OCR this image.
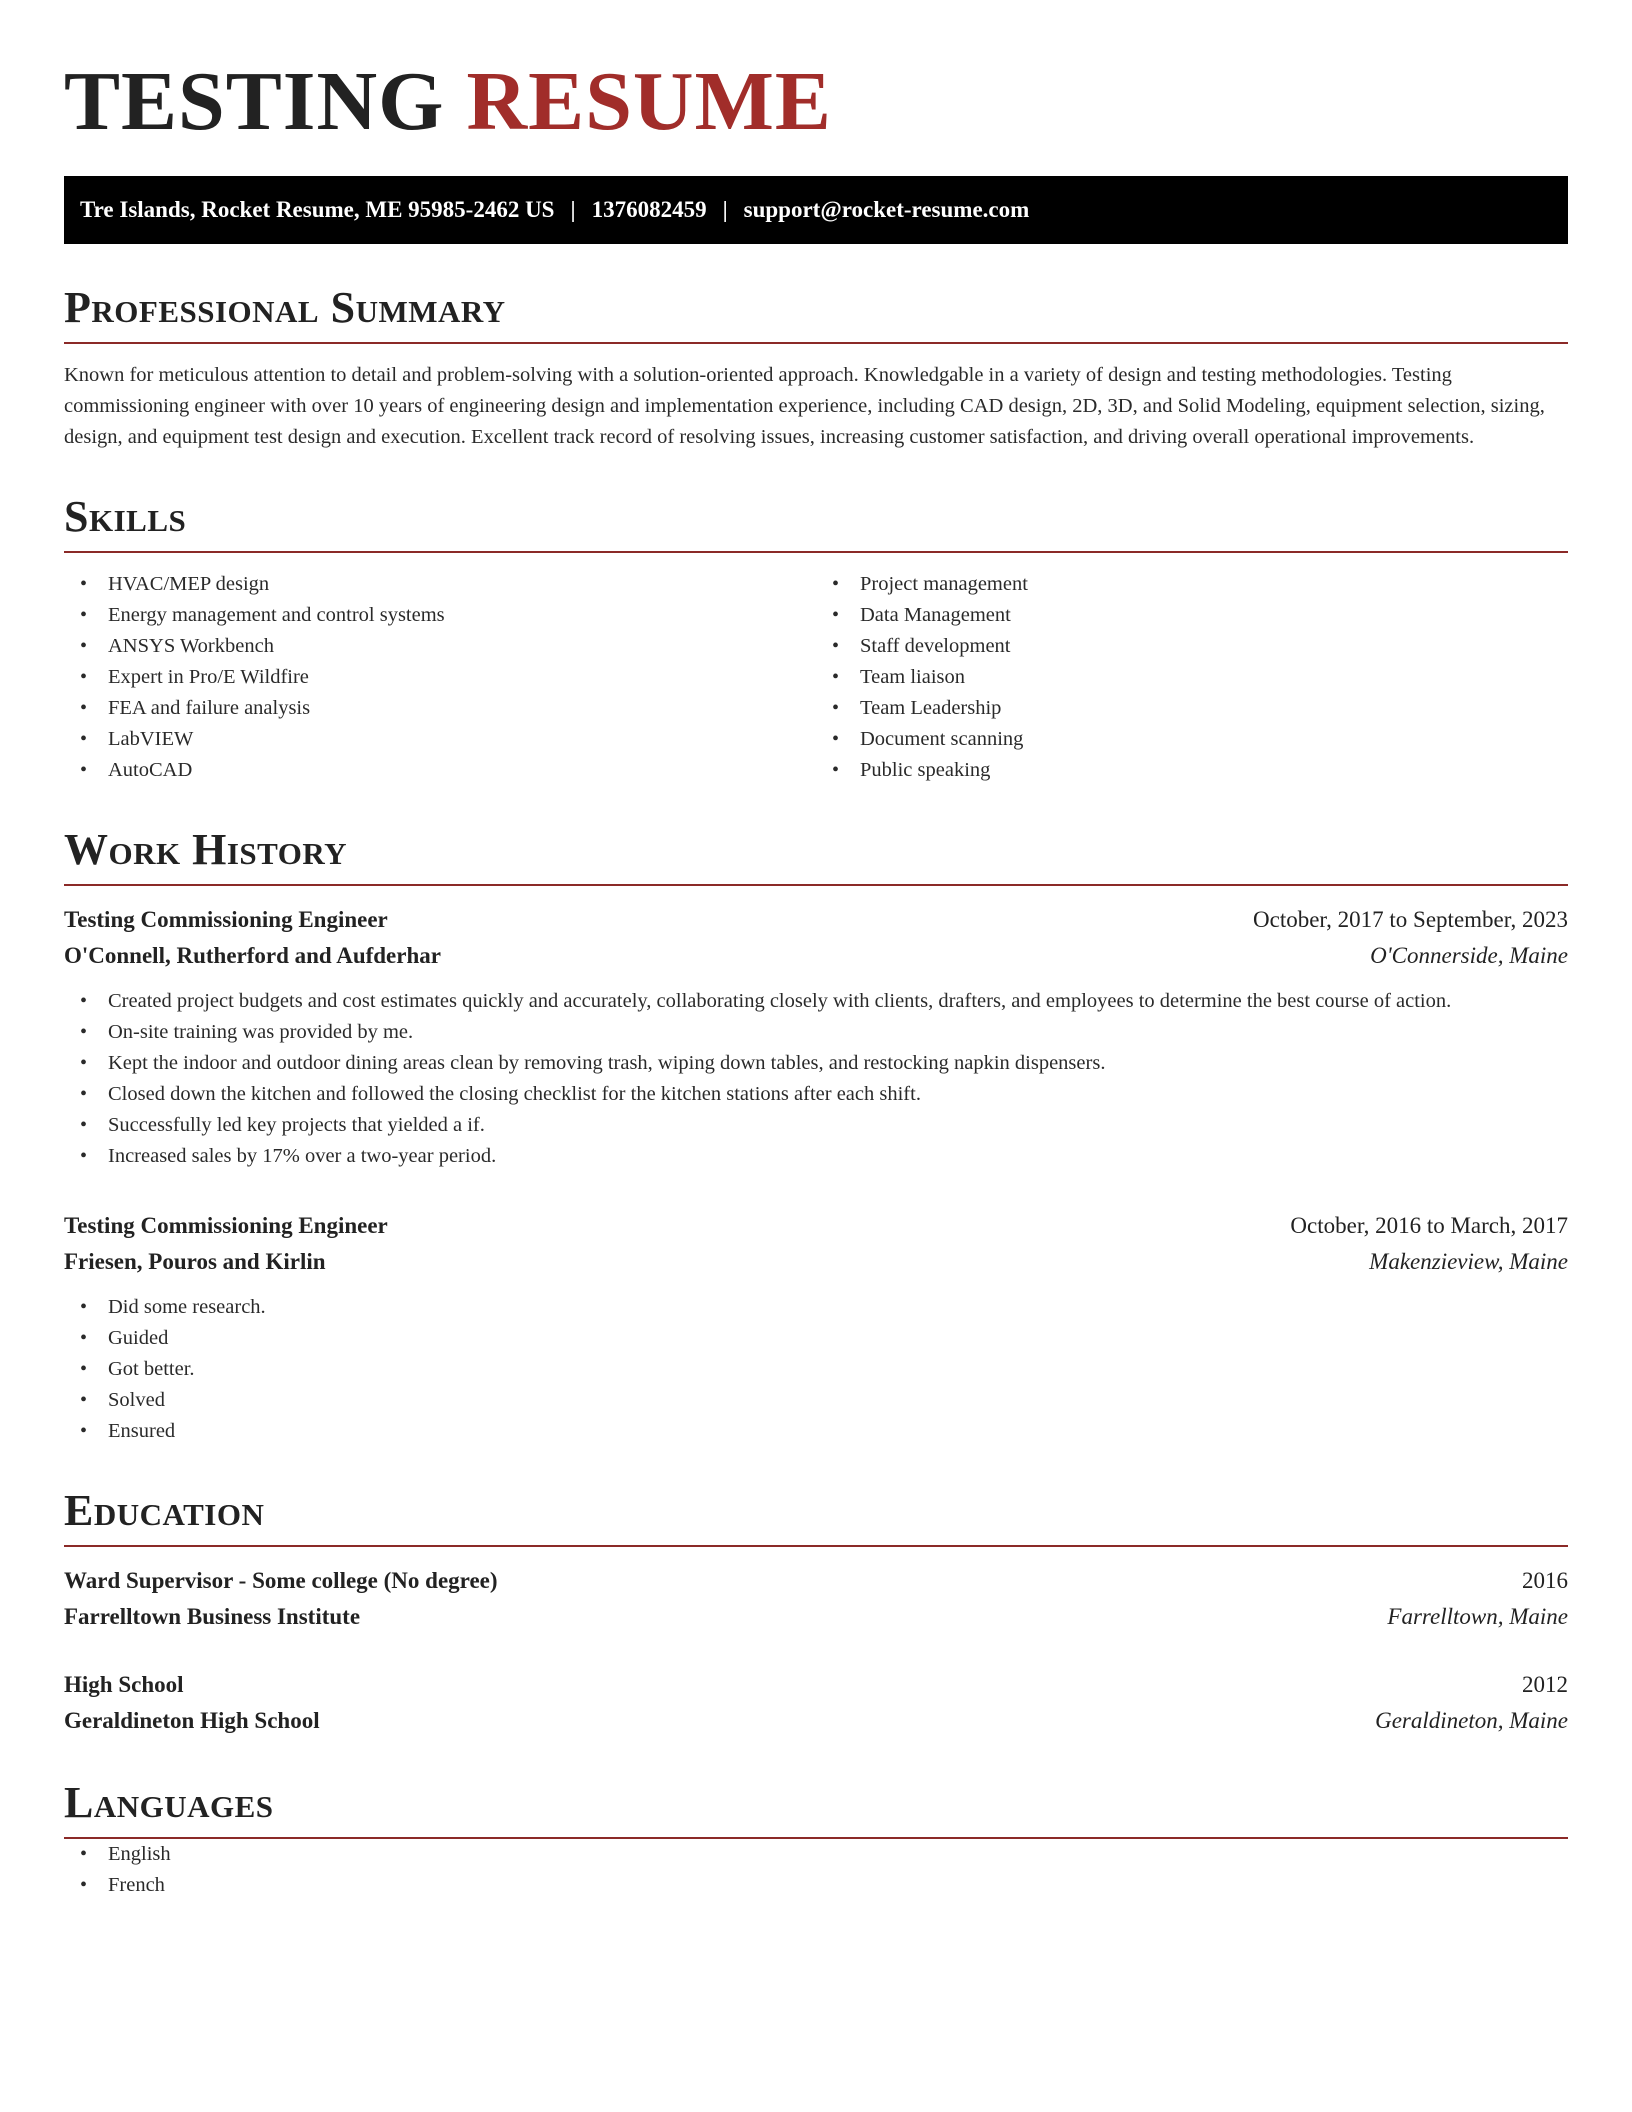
TESTING RESUME
Tre Islands, Rocket Resume, ME 95985-2462 US | 1376082459 | support@rocket-resume.com
Professional Summary

Known for meticulous attention to detail and problem-solving with a solution-oriented approach. Knowledgable in a variety of design and testing methodologies. Testing commissioning engineer with over 10 years of engineering design and implementation experience, including CAD design, 2D, 3D, and Solid Modeling, equipment selection, sizing, design, and equipment test design and execution. Excellent track record of resolving issues, increasing customer satisfaction, and driving overall operational improvements.

Skills
• HVAC/MEP design
• Energy management and control systems
• ANSYS Workbench
• Expert in Pro/E Wildfire
• FEA and failure analysis
• LabVIEW
• AutoCAD
• Project management
• Data Management
• Staff development
• Team liaison
• Team Leadership
• Document scanning
• Public speaking
Work History
Testing Commissioning Engineer	October, 2017 to September, 2023
O'Connell, Rutherford and Aufderhar	O'Connerside, Maine
• Created project budgets and cost estimates quickly and accurately, collaborating closely with clients, drafters, and employees to determine the best course of action.
• On-site training was provided by me.
• Kept the indoor and outdoor dining areas clean by removing trash, wiping down tables, and restocking napkin dispensers.
• Closed down the kitchen and followed the closing checklist for the kitchen stations after each shift.
• Successfully led key projects that yielded a if.
• Increased sales by 17% over a two-year period.
Testing Commissioning Engineer	October, 2016 to March, 2017
Friesen, Pouros and Kirlin	Makenzieview, Maine
• Did some research.
• Guided
• Got better.
• Solved
• Ensured
Education
Ward Supervisor - Some college (No degree)	2016
Farrelltown Business Institute	Farrelltown, Maine
High School	2012
Geraldineton High School	Geraldineton, Maine
Languages
• English
• French
